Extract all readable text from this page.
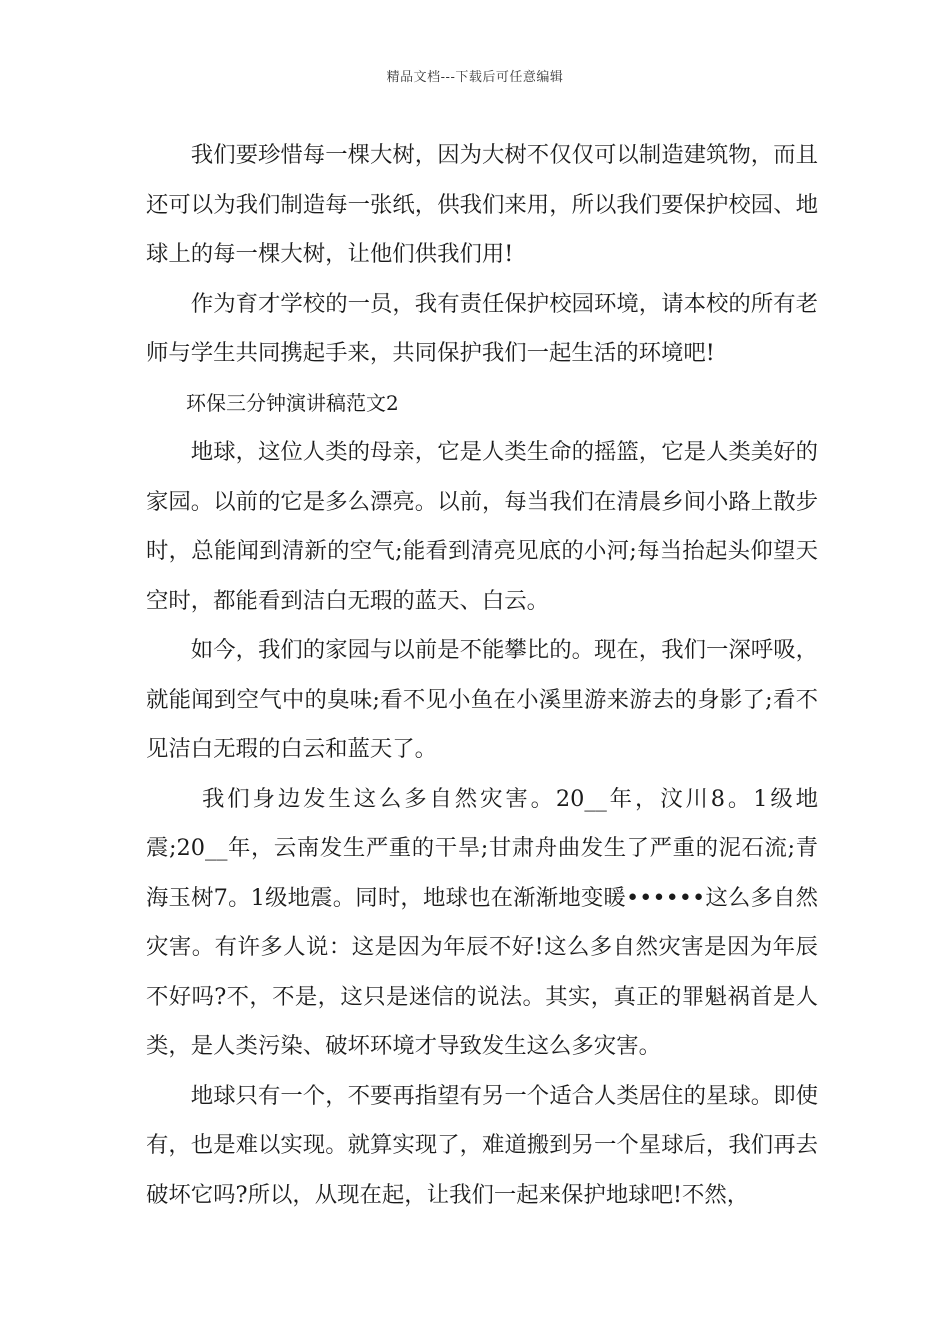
精品文档---下载后可任意编辑

我们要珍惜每一棵大树，因为大树不仅仅可以制造建筑物，而且还可以为我们制造每一张纸，供我们来用，所以我们要保护校园、地球上的每一棵大树，让他们供我们用!

作为育才学校的一员，我有责任保护校园环境，请本校的所有老师与学生共同携起手来，共同保护我们一起生活的环境吧!

环保三分钟演讲稿范文2

地球，这位人类的母亲，它是人类生命的摇篮，它是人类美好的家园。以前的它是多么漂亮。以前，每当我们在清晨乡间小路上散步时，总能闻到清新的空气;能看到清亮见底的小河;每当抬起头仰望天空时，都能看到洁白无瑕的蓝天、白云。

如今，我们的家园与以前是不能攀比的。现在，我们一深呼吸，就能闻到空气中的臭味;看不见小鱼在小溪里游来游去的身影了;看不见洁白无瑕的白云和蓝天了。

我们身边发生这么多自然灾害。20__年，汶川8。1级地震;20__年，云南发生严重的干旱;甘肃舟曲发生了严重的泥石流;青海玉树7。1级地震。同时，地球也在渐渐地变暖••••••这么多自然灾害。有许多人说：这是因为年辰不好!这么多自然灾害是因为年辰不好吗?不，不是，这只是迷信的说法。其实，真正的罪魁祸首是人类，是人类污染、破坏环境才导致发生这么多灾害。

地球只有一个，不要再指望有另一个适合人类居住的星球。即使有，也是难以实现。就算实现了，难道搬到另一个星球后，我们再去破坏它吗?所以，从现在起，让我们一起来保护地球吧!不然，
